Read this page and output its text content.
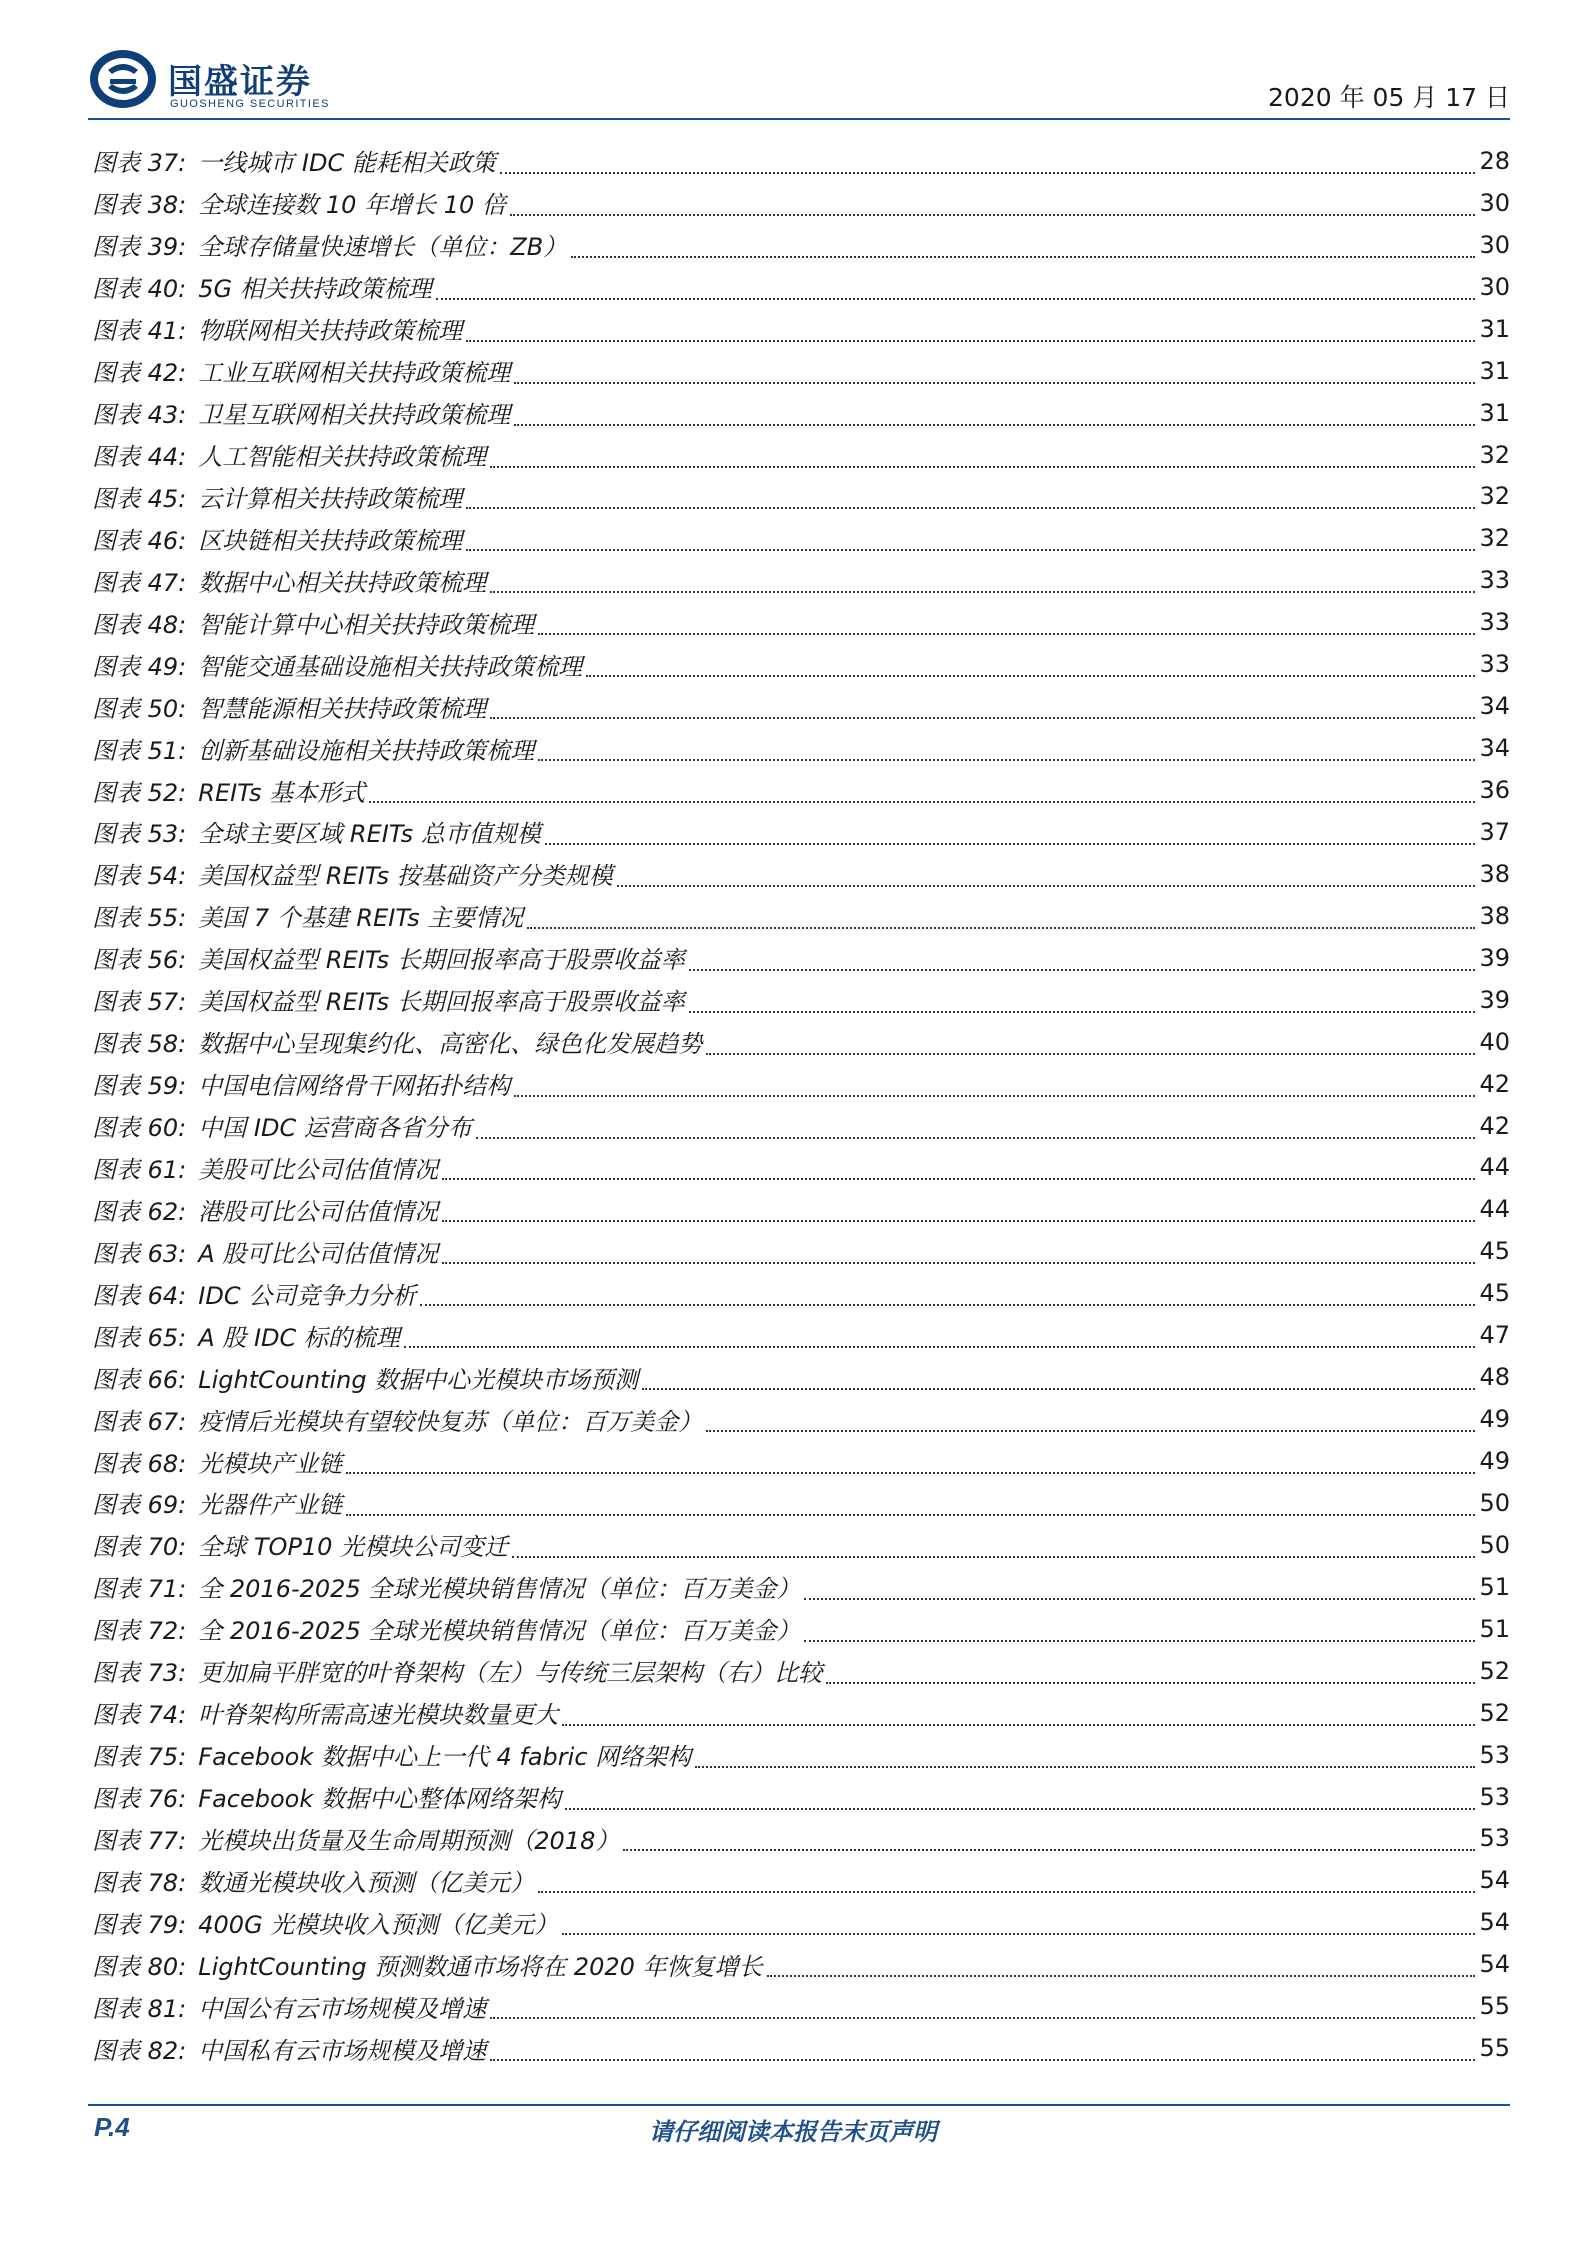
国盛证券
GUOSHENG SECURITIES	2020 年 05 月 17 日
图表 37: 一线城市 IDC 能耗相关政策	28
图表 38: 全球连接数 10 年增长 10 倍	30
图表 39: 全球存储量快速增长（单位：ZB）	30
图表 40: 5G 相关扶持政策梳理	30
图表 41: 物联网相关扶持政策梳理	31
图表 42: 工业互联网相关扶持政策梳理	31
图表 43: 卫星互联网相关扶持政策梳理	31
图表 44: 人工智能相关扶持政策梳理	32
图表 45: 云计算相关扶持政策梳理	32
图表 46: 区块链相关扶持政策梳理	32
图表 47: 数据中心相关扶持政策梳理	33
图表 48: 智能计算中心相关扶持政策梳理	33
图表 49: 智能交通基础设施相关扶持政策梳理	33
图表 50: 智慧能源相关扶持政策梳理	34
图表 51: 创新基础设施相关扶持政策梳理	34
图表 52: REITs 基本形式	36
图表 53: 全球主要区域 REITs 总市值规模	37
图表 54: 美国权益型 REITs 按基础资产分类规模	38
图表 55: 美国 7 个基建 REITs 主要情况	38
图表 56: 美国权益型 REITs 长期回报率高于股票收益率	39
图表 57: 美国权益型 REITs 长期回报率高于股票收益率	39
图表 58: 数据中心呈现集约化、高密化、绿色化发展趋势	40
图表 59: 中国电信网络骨干网拓扑结构	42
图表 60: 中国 IDC 运营商各省分布	42
图表 61: 美股可比公司估值情况	44
图表 62: 港股可比公司估值情况	44
图表 63: A 股可比公司估值情况	45
图表 64: IDC 公司竞争力分析	45
图表 65: A 股 IDC 标的梳理	47
图表 66: LightCounting 数据中心光模块市场预测	48
图表 67: 疫情后光模块有望较快复苏（单位：百万美金）	49
图表 68: 光模块产业链	49
图表 69: 光器件产业链	50
图表 70: 全球 TOP10 光模块公司变迁	50
图表 71: 全 2016-2025 全球光模块销售情况（单位：百万美金）	51
图表 72: 全 2016-2025 全球光模块销售情况（单位：百万美金）	51
图表 73: 更加扁平胖宽的叶脊架构（左）与传统三层架构（右）比较	52
图表 74: 叶脊架构所需高速光模块数量更大	52
图表 75: Facebook 数据中心上一代 4 fabric 网络架构	53
图表 76: Facebook 数据中心整体网络架构	53
图表 77: 光模块出货量及生命周期预测（2018）	53
图表 78: 数通光模块收入预测（亿美元）	54
图表 79: 400G 光模块收入预测（亿美元）	54
图表 80: LightCounting 预测数通市场将在 2020 年恢复增长	54
图表 81: 中国公有云市场规模及增速	55
图表 82: 中国私有云市场规模及增速	55
P.4	请仔细阅读本报告末页声明
